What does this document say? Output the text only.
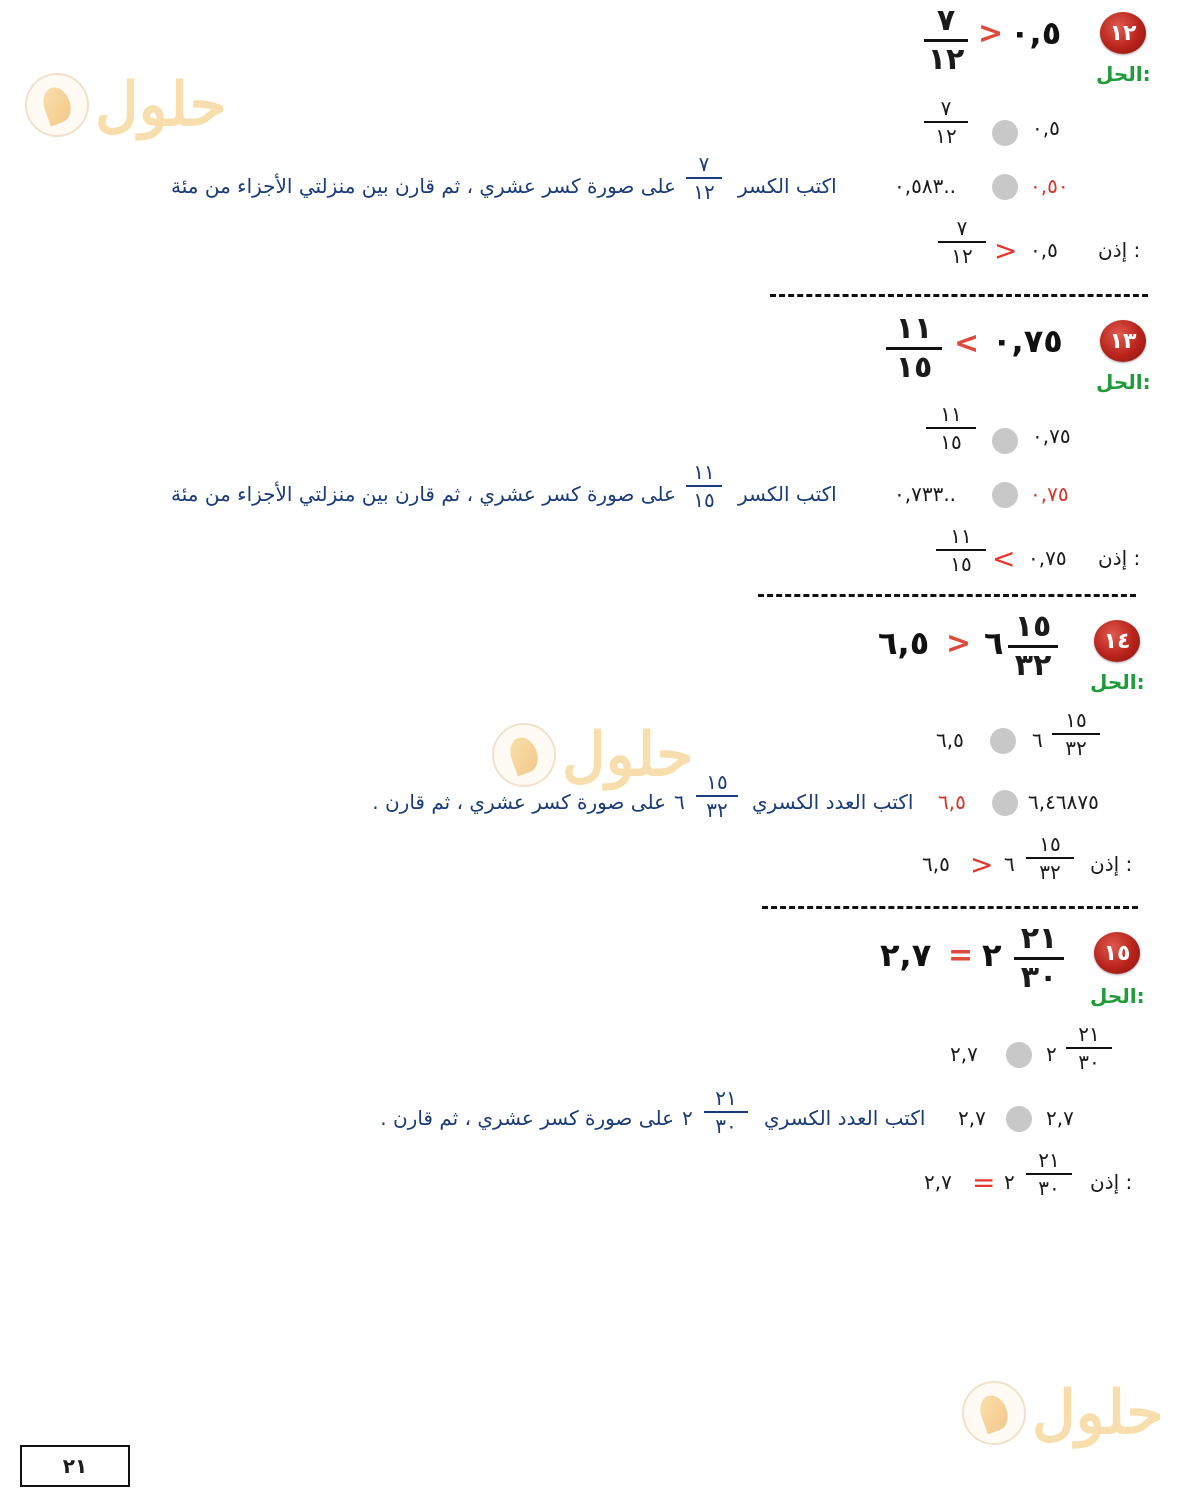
حلول
حلول
حلول
١٢
٠,٥
>
٧
١٢	الحل:
٠,٥
٧
١٢
٠,٥٠
٠,٥٨٣..
اكتب الكسر
٧
١٢
على صورة كسر عشري ، ثم قارن بين منزلتي الأجزاء من مئة
إذن :
٠,٥
>
٧
١٢
١٣
٠,٧٥
<
١١
١٥	الحل:
٠,٧٥
١١
١٥
٠,٧٥
٠,٧٣٣..
اكتب الكسر
١١
١٥
على صورة كسر عشري ، ثم قارن بين منزلتي الأجزاء من مئة
إذن :
٠,٧٥
<
١١
١٥
١٤
١٥
٣٢
٦
>
٦,٥
الحل:
١٥
٣٢
٦
٦,٥
٦,٤٦٨٧٥
٦,٥
اكتب العدد الكسري
١٥
٣٢
٦
على صورة كسر عشري ، ثم قارن .
إذن :
١٥
٣٢
٦
>
٦,٥
١٥
٢١
٣٠
٢
=
٢,٧
الحل:
٢١
٣٠
٢
٢,٧
٢,٧
٢,٧
اكتب العدد الكسري
٢١
٣٠
٢
على صورة كسر عشري ، ثم قارن .
إذن :
٢١
٣٠
٢
=
٢,٧
٢١
